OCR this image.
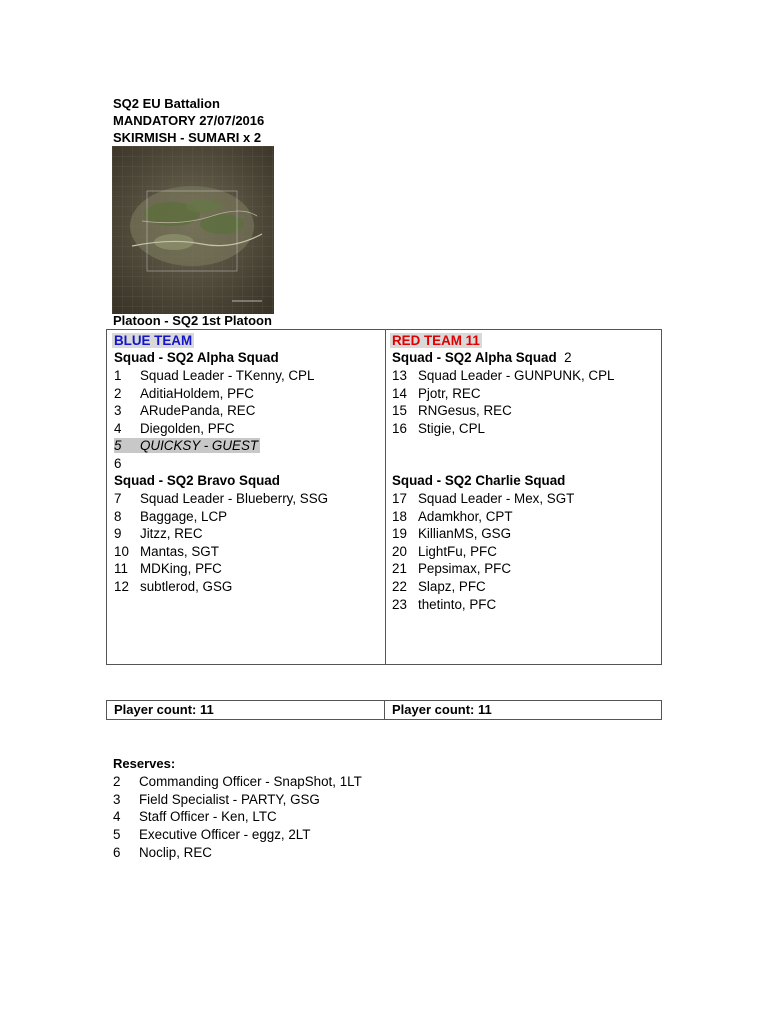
SQ2 EU Battalion
MANDATORY 27/07/2016
SKIRMISH - SUMARI x 2
Platoon - SQ2 1st Platoon
BLUE TEAM
Squad - SQ2 Alpha Squad
1 Squad Leader - TKenny, CPL
2 AditiaHoldem, PFC
3 ARudePanda, REC
4 Diegolden, PFC
5 QUICKSY - GUEST
6
Squad - SQ2 Bravo Squad
7 Squad Leader - Blueberry, SSG
8 Baggage, LCP
9 Jitzz, REC
10 Mantas, SGT
11 MDKing, PFC
12 subtlerod, GSG
RED TEAM 11
Squad - SQ2 Alpha Squad 2
13 Squad Leader - GUNPUNK, CPL
14 Pjotr, REC
15 RNGesus, REC
16 Stigie, CPL
Squad - SQ2 Charlie Squad
17 Squad Leader - Mex, SGT
18 Adamkhor, CPT
19 KillianMS, GSG
20 LightFu, PFC
21 Pepsimax, PFC
22 Slapz, PFC
23 thetinto, PFC
Player count: 11	Player count: 11
Reserves:
2 Commanding Officer - SnapShot, 1LT
3 Field Specialist - PARTY, GSG
4 Staff Officer - Ken, LTC
5 Executive Officer - eggz, 2LT
6 Noclip, REC
